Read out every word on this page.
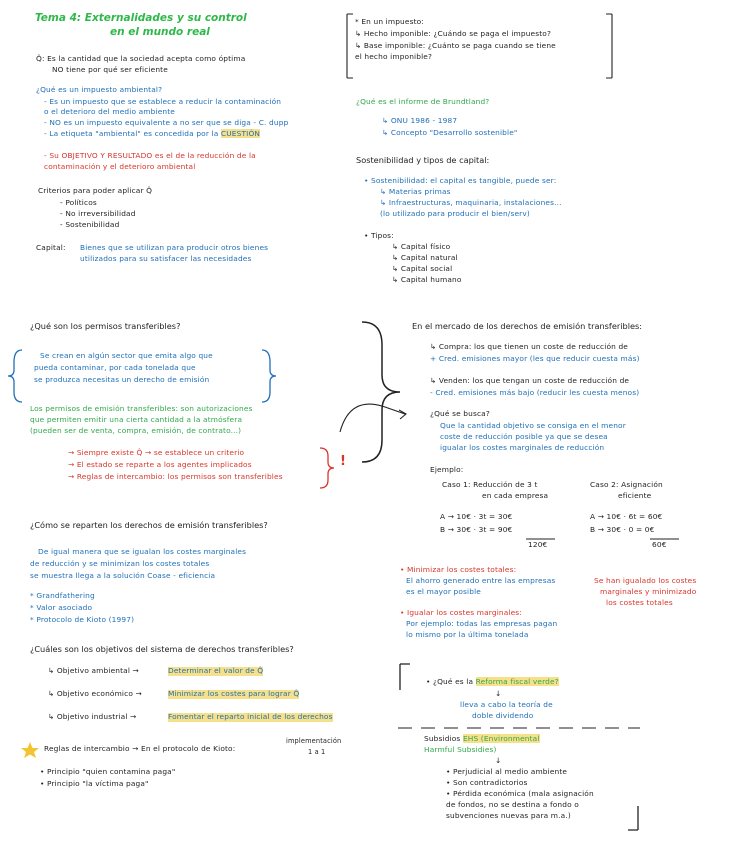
Tema 4: Externalidades y su control
en el mundo real
Q̂: Es la cantidad que la sociedad acepta como óptima
NO tiene por qué ser eficiente
¿Qué es un impuesto ambiental?
- Es un impuesto que se establece a reducir la contaminación
o el deterioro del medio ambiente
- NO es un impuesto equivalente a no ser que se diga - C. dupp
- La etiqueta "ambiental" es concedida por la CUESTIÓN
- Su OBJETIVO Y RESULTADO es el de la reducción de la
contaminación y el deterioro ambiental
Criterios para poder aplicar Q̂
- Políticos
- No irreversibilidad
- Sostenibilidad
Capital: Bienes que se utilizan para producir otros bienes
utilizados para su satisfacer las necesidades
* En un impuesto:
↳ Hecho imponible: ¿Cuándo se paga el impuesto?
↳ Base imponible: ¿Cuánto se paga cuando se tiene
el hecho imponible?
¿Qué es el informe de Brundtland?
↳ ONU 1986 - 1987
↳ Concepto "Desarrollo sostenible"
Sostenibilidad y tipos de capital:
• Sostenibilidad: el capital es tangible, puede ser:
↳ Materias primas
↳ Infraestructuras, maquinaria, instalaciones...
(lo utilizado para producir el bien/serv)
• Tipos:
↳ Capital físico
↳ Capital natural
↳ Capital social
↳ Capital humano
¿Qué son los permisos transferibles?
Se crean en algún sector que emita algo que
pueda contaminar, por cada tonelada que
se produzca necesitas un derecho de emisión
Los permisos de emisión transferibles: son autorizaciones
que permiten emitir una cierta cantidad a la atmósfera
(pueden ser de venta, compra, emisión, de contrato...)
→ Siempre existe Q̂ → se establece un criterio
→ El estado se reparte a los agentes implicados
→ Reglas de intercambio: los permisos son transferibles
!
En el mercado de los derechos de emisión transferibles:
↳ Compra: los que tienen un coste de reducción de
+ Cred. emisiones mayor (les que reducir cuesta más)
↳ Venden: los que tengan un coste de reducción de
- Cred. emisiones más bajo (reducir les cuesta menos)
¿Qué se busca?
Que la cantidad objetivo se consiga en el menor
coste de reducción posible ya que se desea
igualar los costes marginales de reducción
Ejemplo:
Caso 1: Reducción de 3 t
en cada empresa
Caso 2: Asignación
eficiente
A → 10€ · 3t = 30€
B → 30€ · 3t = 90€
120€
A → 10€ · 6t = 60€
B → 30€ · 0 = 0€
60€
• Minimizar los costes totales:
El ahorro generado entre las empresas
es el mayor posible
• Igualar los costes marginales:
Por ejemplo: todas las empresas pagan
lo mismo por la última tonelada
Se han igualado los costes
marginales y minimizado
los costes totales
¿Cómo se reparten los derechos de emisión transferibles?
De igual manera que se igualan los costes marginales
de reducción y se minimizan los costes totales
se muestra llega a la solución Coase - eficiencia
* Grandfathering
* Valor asociado
* Protocolo de Kioto (1997)
¿Cuáles son los objetivos del sistema de derechos transferibles?
↳ Objetivo ambiental →	Determinar el valor de Q̂
↳ Objetivo económico →	Minimizar los costes para lograr Q̂
↳ Objetivo industrial →	Fomentar el reparto inicial de los derechos
Reglas de intercambio → En el protocolo de Kioto:
implementación
1 a 1
• Principio "quien contamina paga"
• Principio "la víctima paga"
• ¿Qué es la Reforma fiscal verde?
↓
lleva a cabo la teoría de
doble dividendo
Subsidios EHS (Environmental
Harmful Subsidies)
↓
• Perjudicial al medio ambiente
• Son contradictorios
• Pérdida económica (mala asignación
de fondos, no se destina a fondo o
subvenciones nuevas para m.a.)
